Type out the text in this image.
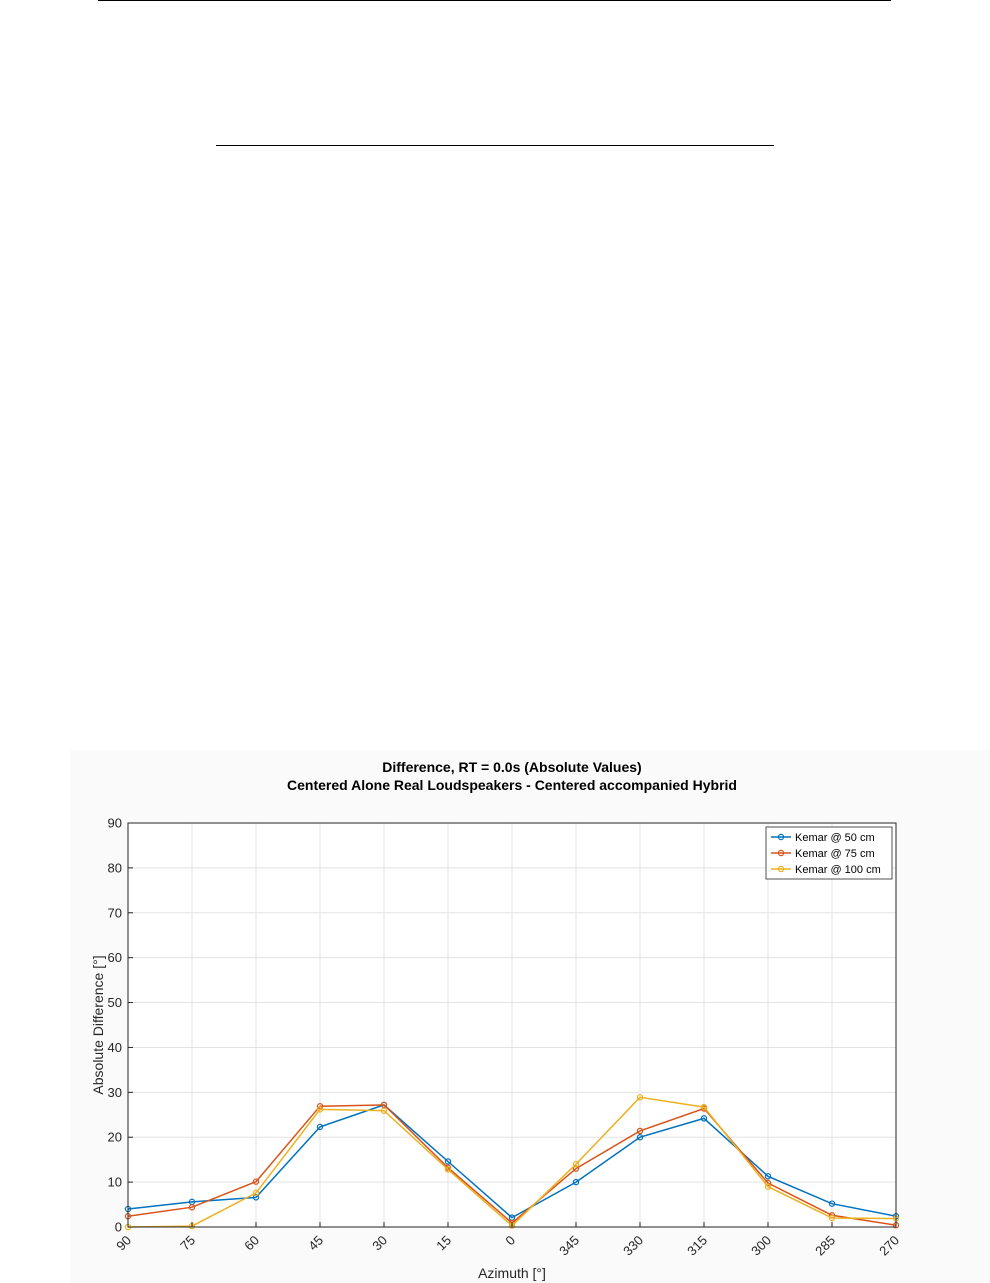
Difference, RT = 0.0s (Absolute Values)
Centered Alone Real Loudspeakers - Centered accompanied Hybrid
0
10
20
30
40
50
60
70
80
90
90	75	60	45	30	15	0	345	330	315	300	285	270
Azimuth [°]
Absolute Difference [°]
Kemar @ 50 cm
Kemar @ 75 cm
Kemar @ 100 cm
